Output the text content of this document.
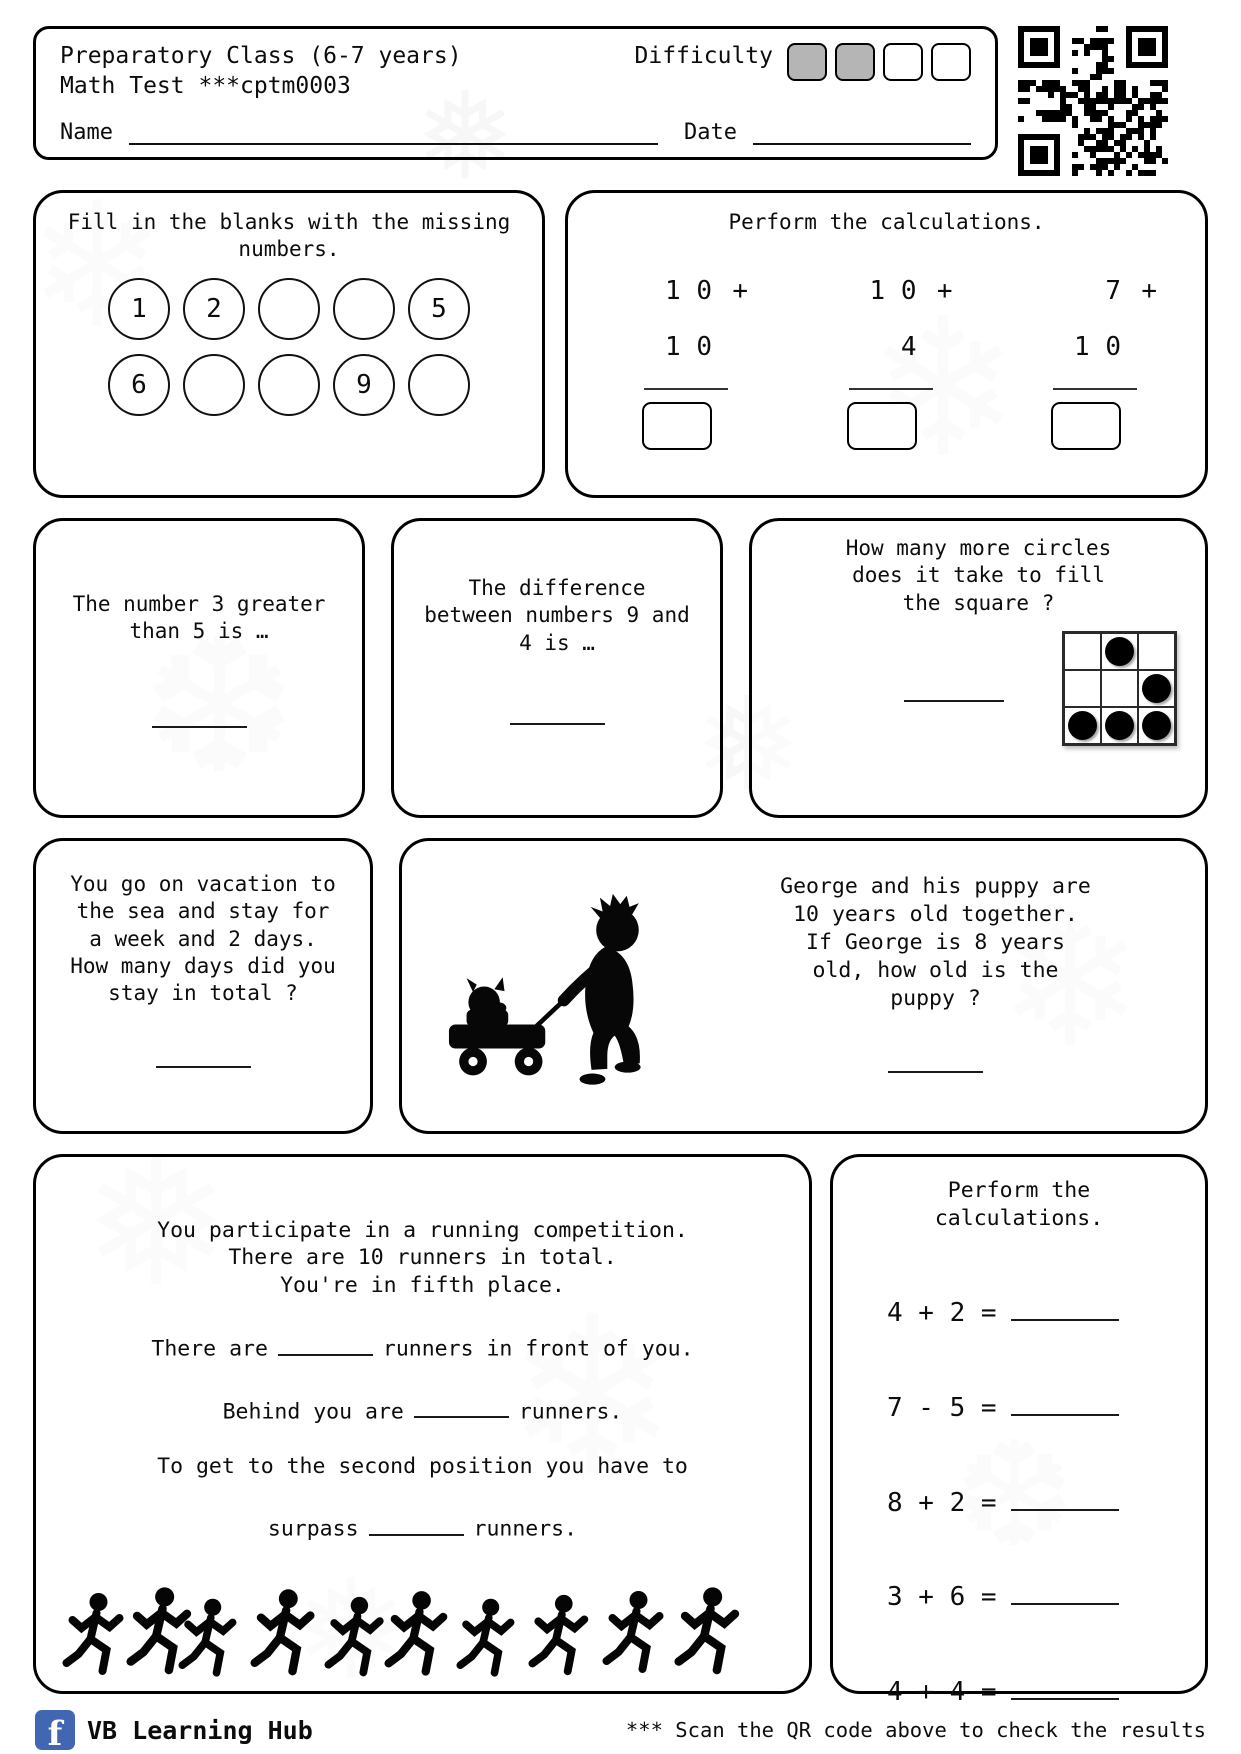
Preparatory Class (6-7 years)
Math Test ***cptm0003
Difficulty
Name	Date
Fill in the blanks with the missing
numbers.
1	2	5
6	9
Perform the calculations.
1 0 +
1 0
1 0 +
4
7 +
1 0
The number 3 greater
than 5 is …
The difference
between numbers 9 and
4 is …
How many more circles
does it take to fill
the square ?
You go on vacation to
the sea and stay for
a week and 2 days.
How many days did you
stay in total ?
George and his puppy are
10 years old together.
If George is 8 years
old, how old is the
puppy ?
You participate in a running competition.
There are 10 runners in total.
You're in fifth place.
There are	runners in front of you.
Behind you are	runners.
To get to the second position you have to
surpass	runners.
Perform the
calculations.
4 + 2 =
7 - 5 =
8 + 2 =
3 + 6 =
4 + 4 =
f VB Learning Hub	*** Scan the QR code above to check the results
